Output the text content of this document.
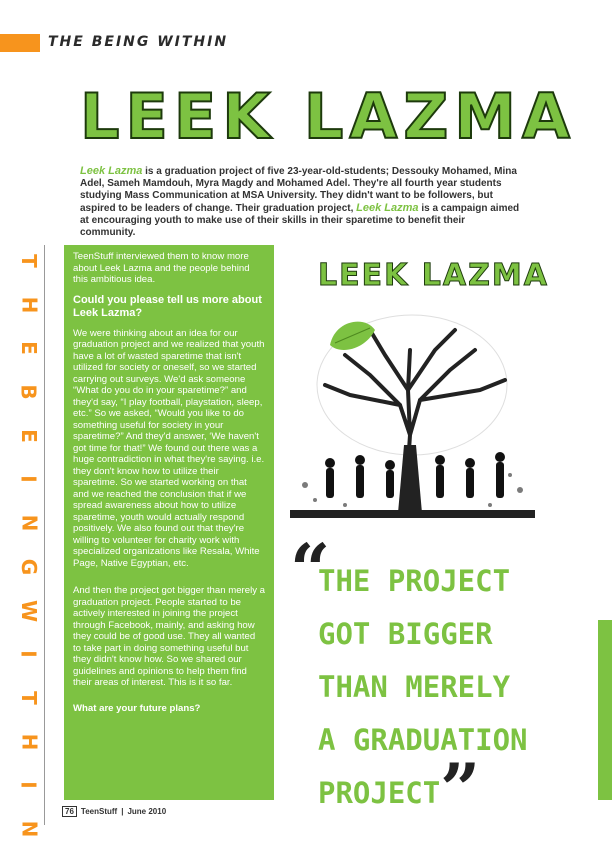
THE BEING WITHIN
LEEK LAZMA
Leek Lazma is a graduation project of five 23-year-old-students; Dessouky Mohamed, Mina Adel, Sameh Mamdouh, Myra Magdy and Mohamed Adel. They're all fourth year students studying Mass Communication at MSA University. They didn't want to be followers, but aspired to be leaders of change. Their graduation project, Leek Lazma is a campaign aimed at encouraging youth to make use of their skills in their sparetime to benefit their community.
T
H
E
B
E
I
N
G
W
I
T
H
I
N

TeenStuff interviewed them to know more about Leek Lazma and the people behind this ambitious idea.

Could you please tell us more about Leek Lazma?

We were thinking about an idea for our graduation project and we realized that youth have a lot of wasted sparetime that isn't utilized for society or oneself, so we started carrying out surveys. We'd ask someone “What do you do in your sparetime?” and they'd say, “I play football, playstation, sleep, etc.” So we asked, “Would you like to do something useful for society in your sparetime?” And they'd answer, ‘We haven't got time for that!” We found out there was a huge contradiction in what they're saying. i.e. they don't know how to utilize their sparetime. So we started working on that and we reached the conclusion that if we spread awareness about how to utilize sparetime, youth would actually respond positively. We also found out that they're willing to volunteer for charity work with specialized organizations like Resala, White Page, Native Egyptian, etc.

And then the project got bigger than merely a graduation project. People started to be actively interested in joining the project through Facebook, mainly, and asking how they could be of good use. They all wanted to take part in doing something useful but they didn't know how. So we shared our guidelines and opinions to help them find their areas of interest. This is it so far.

What are your future plans?

LEEK LAZMA
“
THE PROJECT
GOT BIGGER
THAN MERELY
A GRADUATION
PROJECT ”
76 TeenStuff | June 2010
